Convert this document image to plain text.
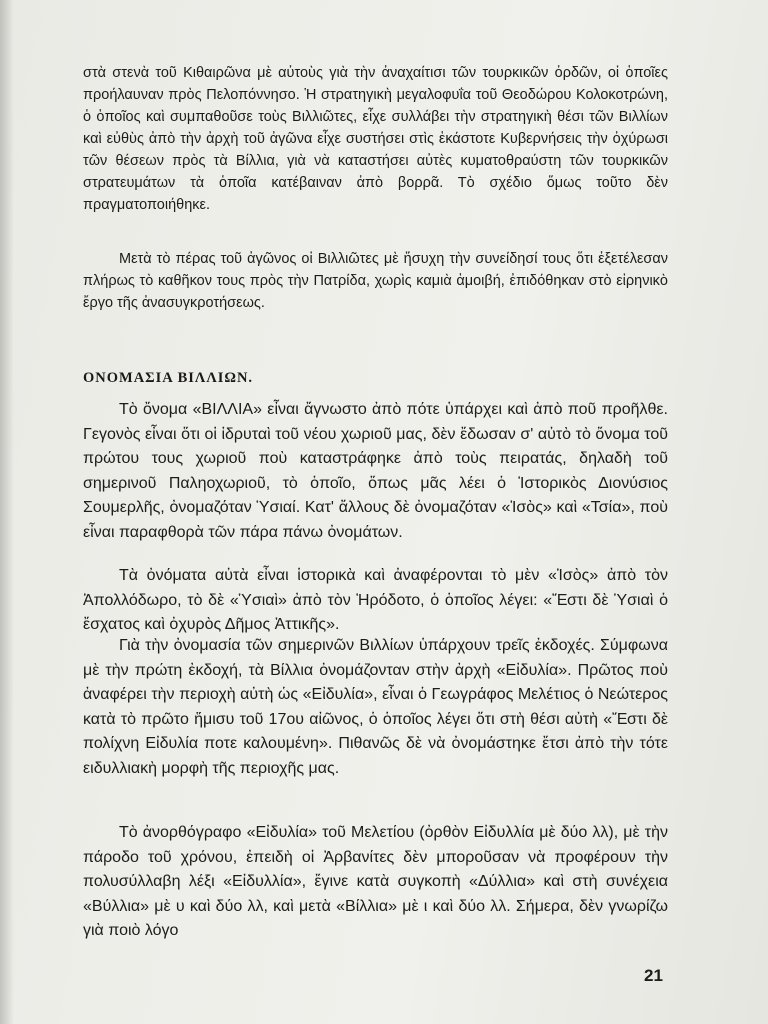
στὰ στενὰ τοῦ Κιθαιρῶνα μὲ αὐτοὺς γιὰ τὴν ἀναχαίτισι τῶν τουρκικῶν ὀρδῶν, οἱ ὁποῖες προήλαυναν πρὸς Πελοπόννησο. Ἡ στρατηγικὴ μεγαλοφυΐα τοῦ Θεοδώρου Κολοκοτρώνη, ὁ ὁποῖος καὶ συμπαθοῦσε τοὺς Βιλλιῶτες, εἶχε συλλάβει τὴν στρατηγικὴ θέσι τῶν Βιλλίων καὶ εὐθὺς ἀπὸ τὴν ἀρχὴ τοῦ ἀγῶνα εἶχε συστήσει στὶς ἑκάστοτε Κυβερνήσεις τὴν ὀχύρωσι τῶν θέσεων πρὸς τὰ Βίλλια, γιὰ νὰ καταστήσει αὐτὲς κυματοθραύστη τῶν τουρκικῶν στρατευμάτων τὰ ὁποῖα κατέβαιναν ἀπὸ βορρᾶ. Τὸ σχέδιο ὅμως τοῦτο δὲν πραγματοποιήθηκε.

Μετὰ τὸ πέρας τοῦ ἀγῶνος οἱ Βιλλιῶτες μὲ ἥσυχη τὴν συνείδησί τους ὅτι ἐξετέλεσαν πλήρως τὸ καθῆκον τους πρὸς τὴν Πατρίδα, χωρὶς καμιὰ ἀμοιβή, ἐπιδόθηκαν στὸ εἰρηνικὸ ἔργο τῆς ἀνασυγκροτήσεως.

ΟΝΟΜΑΣΙΑ ΒΙΛΛΙΩΝ.

Τὸ ὄνομα «ΒΙΛΛΙΑ» εἶναι ἄγνωστο ἀπὸ πότε ὑπάρχει καὶ ἀπὸ ποῦ προῆλθε. Γεγονὸς εἶναι ὅτι οἱ ἱδρυταὶ τοῦ νέου χωριοῦ μας, δὲν ἔδωσαν σ' αὐτὸ τὸ ὄνομα τοῦ πρώτου τους χωριοῦ ποὺ καταστράφηκε ἀπὸ τοὺς πειρατάς, δηλαδὴ τοῦ σημερινοῦ Παληοχωριοῦ, τὸ ὁποῖο, ὅπως μᾶς λέει ὁ Ἱστορικὸς Διονύσιος Σουμερλῆς, ὀνομαζόταν Ὑσιαί. Κατ' ἄλλους δὲ ὀνομαζόταν «Ἰσὸς» καὶ «Τσία», ποὺ εἶναι παραφθορὰ τῶν πάρα πάνω ὀνομάτων.

Τὰ ὀνόματα αὐτὰ εἶναι ἱστορικὰ καὶ ἀναφέρονται τὸ μὲν «Ἰσὸς» ἀπὸ τὸν Ἀπολλόδωρο, τὸ δὲ «Ὑσιαὶ» ἀπὸ τὸν Ἡρόδοτο, ὁ ὁποῖος λέγει: «Ἔστι δὲ Ὑσιαὶ ὁ ἔσχατος καὶ ὀχυρὸς Δῆμος Ἀττικῆς».

Γιὰ τὴν ὀνομασία τῶν σημερινῶν Βιλλίων ὑπάρχουν τρεῖς ἐκδοχές. Σύμφωνα μὲ τὴν πρώτη ἐκδοχή, τὰ Βίλλια ὀνομάζονταν στὴν ἀρχὴ «Εἰδυλία». Πρῶτος ποὺ ἀναφέρει τὴν περιοχὴ αὐτὴ ὡς «Εἰδυλία», εἶναι ὁ Γεωγράφος Μελέτιος ὁ Νεώτερος κατὰ τὸ πρῶτο ἥμισυ τοῦ 17ου αἰῶνος, ὁ ὁποῖος λέγει ὅτι στὴ θέσι αὐτὴ «Ἔστι δὲ πολίχνη Εἰδυλία ποτε καλουμένη». Πιθανῶς δὲ νὰ ὀνομάστηκε ἔτσι ἀπὸ τὴν τότε ειδυλλιακὴ μορφὴ τῆς περιοχῆς μας.

Τὸ ἀνορθόγραφο «Εἰδυλία» τοῦ Μελετίου (ὀρθὸν Εἰδυλλία μὲ δύο λλ), μὲ τὴν πάροδο τοῦ χρόνου, ἐπειδὴ οἱ Ἀρβανίτες δὲν μποροῦσαν νὰ προφέρουν τὴν πολυσύλλαβη λέξι «Εἰδυλλία», ἔγινε κατὰ συγκοπὴ «Δύλλια» καὶ στὴ συνέχεια «Βύλλια» μὲ υ καὶ δύο λλ, καὶ μετὰ «Βίλλια» μὲ ι καὶ δύο λλ. Σήμερα, δὲν γνωρίζω γιὰ ποιὸ λόγο

21
